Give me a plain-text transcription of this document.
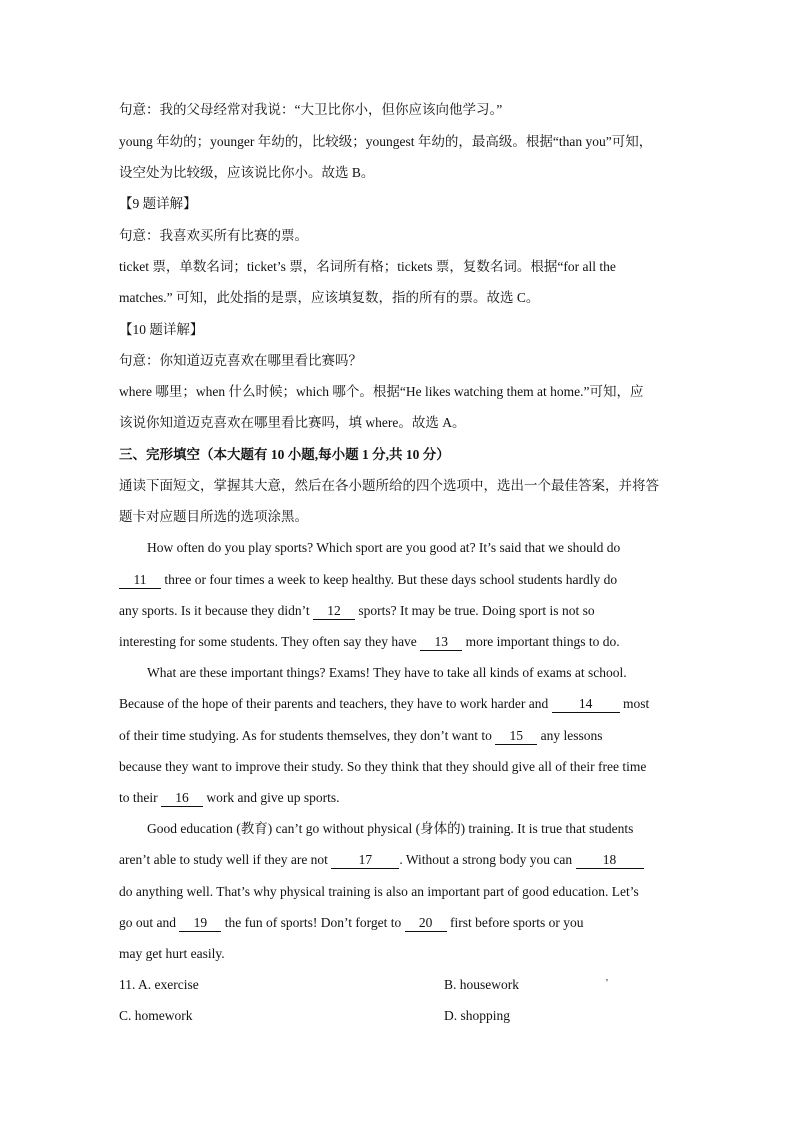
句意：我的父母经常对我说：“大卫比你小，但你应该向他学习。”
young 年幼的；younger 年幼的，比较级；youngest 年幼的，最高级。根据“than you”可知，
设空处为比较级，应该说比你小。故选 B。
【9 题详解】
句意：我喜欢买所有比赛的票。
ticket 票，单数名词；ticket’s 票，名词所有格；tickets 票，复数名词。根据“for all the
matches.” 可知，此处指的是票，应该填复数，指的所有的票。故选 C。
【10 题详解】
句意：你知道迈克喜欢在哪里看比赛吗？
where 哪里；when 什么时候；which 哪个。根据“He likes watching them at home.”可知，应
该说你知道迈克喜欢在哪里看比赛吗，填 where。故选 A。
三、完形填空（本大题有 10 小题,每小题 1 分,共 10 分）
通读下面短文，掌握其大意，然后在各小题所给的四个选项中，选出一个最佳答案，并将答
题卡对应题目所选的选项涂黑。
How often do you play sports? Which sport are you good at? It’s said that we should do
11 three or four times a week to keep healthy. But these days school students hardly do
any sports. Is it because they didn’t 12 sports? It may be true. Doing sport is not so
interesting for some students. They often say they have 13 more important things to do.
What are these important things? Exams! They have to take all kinds of exams at school.
Because of the hope of their parents and teachers, they have to work harder and 14 most
of their time studying. As for students themselves, they don’t want to 15 any lessons
because they want to improve their study. So they think that they should give all of their free time
to their 16 work and give up sports.
Good education (教育) can’t go without physical (身体的) training. It is true that students
aren’t able to study well if they are not 17 . Without a strong body you can 18
do anything well. That’s why physical training is also an important part of good education. Let’s
go out and 19 the fun of sports! Don’t forget to 20 first before sports or you
may get hurt easily.
11. A. exercise	B. housework	'
C. homework	D. shopping
